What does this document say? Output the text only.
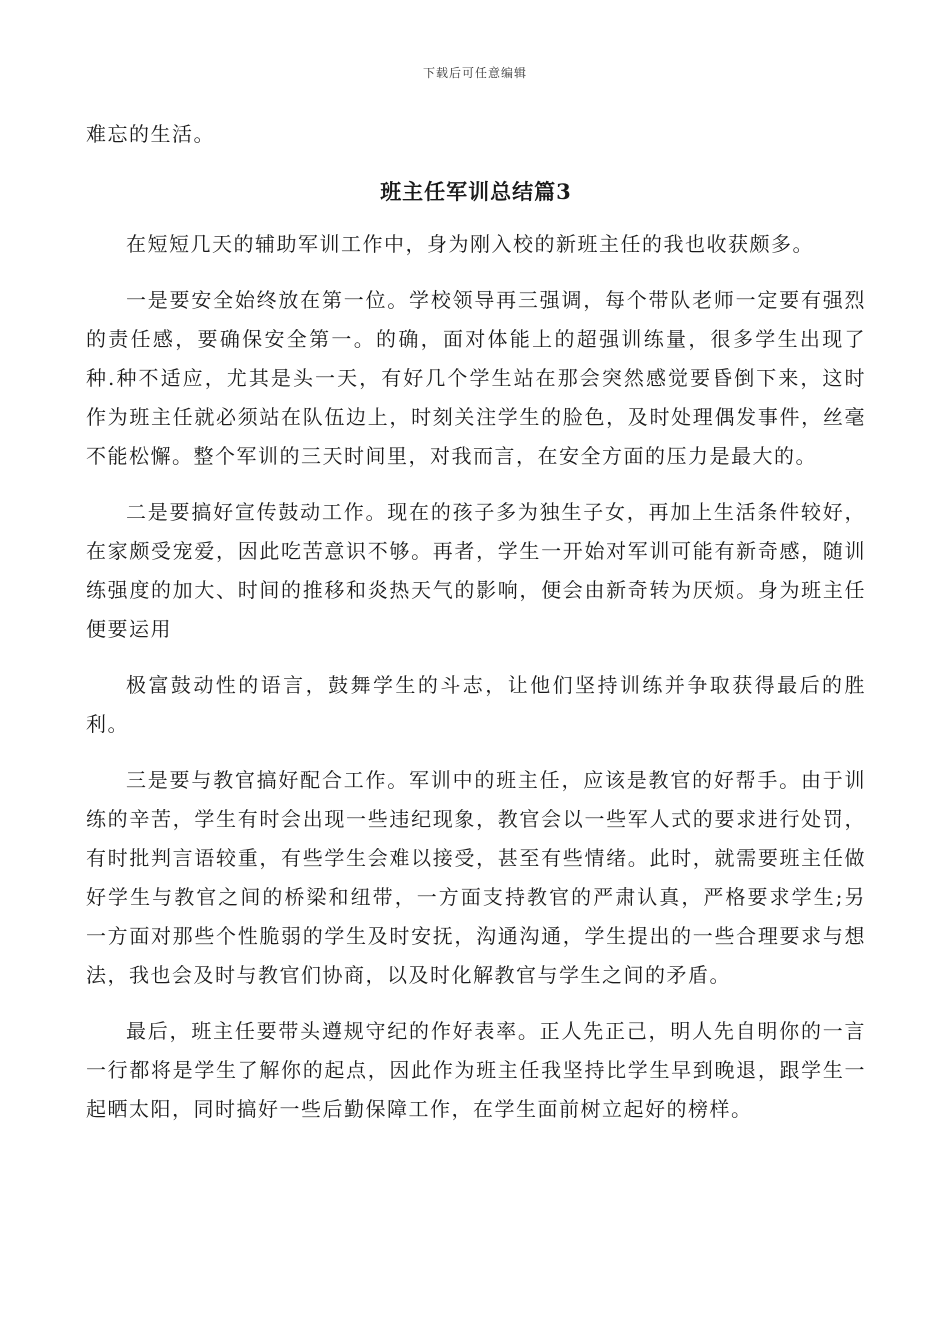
下载后可任意编辑

难忘的生活。

班主任军训总结篇3

在短短几天的辅助军训工作中，身为刚入校的新班主任的我也收获颇多。

一是要安全始终放在第一位。学校领导再三强调，每个带队老师一定要有强烈的责任感，要确保安全第一。的确，面对体能上的超强训练量，很多学生出现了种.种不适应，尤其是头一天，有好几个学生站在那会突然感觉要昏倒下来，这时作为班主任就必须站在队伍边上，时刻关注学生的脸色，及时处理偶发事件，丝毫不能松懈。整个军训的三天时间里，对我而言，在安全方面的压力是最大的。

二是要搞好宣传鼓动工作。现在的孩子多为独生子女，再加上生活条件较好，在家颇受宠爱，因此吃苦意识不够。再者，学生一开始对军训可能有新奇感，随训练强度的加大、时间的推移和炎热天气的影响，便会由新奇转为厌烦。身为班主任便要运用

极富鼓动性的语言，鼓舞学生的斗志，让他们坚持训练并争取获得最后的胜利。

三是要与教官搞好配合工作。军训中的班主任，应该是教官的好帮手。由于训练的辛苦，学生有时会出现一些违纪现象，教官会以一些军人式的要求进行处罚，有时批判言语较重，有些学生会难以接受，甚至有些情绪。此时，就需要班主任做好学生与教官之间的桥梁和纽带，一方面支持教官的严肃认真，严格要求学生;另一方面对那些个性脆弱的学生及时安抚，沟通沟通，学生提出的一些合理要求与想法，我也会及时与教官们协商，以及时化解教官与学生之间的矛盾。

最后，班主任要带头遵规守纪的作好表率。正人先正己，明人先自明你的一言一行都将是学生了解你的起点，因此作为班主任我坚持比学生早到晚退，跟学生一起晒太阳，同时搞好一些后勤保障工作，在学生面前树立起好的榜样。
